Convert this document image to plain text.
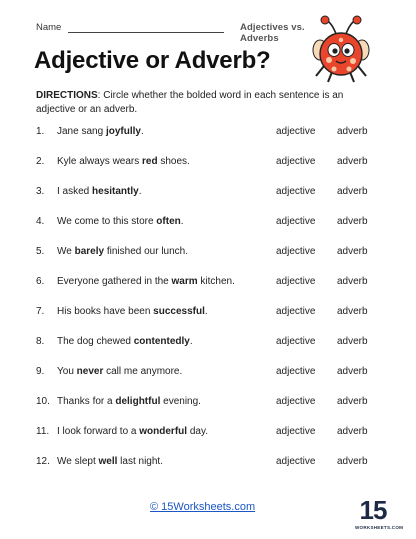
Name	Adjectives vs. Adverbs
Adjective or Adverb?

DIRECTIONS: Circle whether the bolded word in each sentence is an adjective or an adverb.

1.	Jane sang joyfully.	adjective adverb
2.	Kyle always wears red shoes.	adjective adverb
3.	I asked hesitantly.	adjective adverb
4.	We come to this store often.	adjective adverb
5.	We barely finished our lunch.	adjective adverb
6.	Everyone gathered in the warm kitchen.	adjective adverb
7.	His books have been successful.	adjective adverb
8.	The dog chewed contentedly.	adjective adverb
9.	You never call me anymore.	adjective adverb
10. Thanks for a delightful evening.	adjective adverb
11. I look forward to a wonderful day.	adjective adverb
12. We slept well last night.	adjective adverb
© 15Worksheets.com	15
WORKSHEETS.COM
